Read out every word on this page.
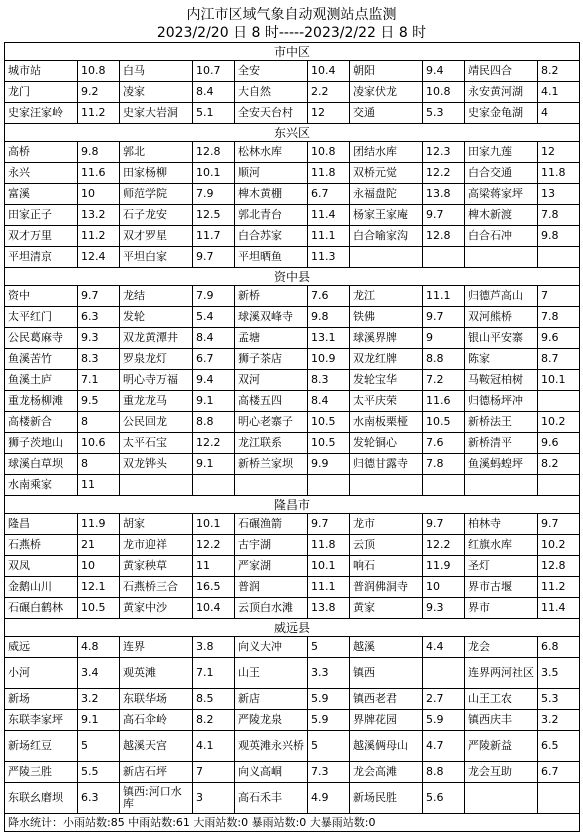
内江市区域气象自动观测站点监测
2023/2/20 日 8 时-----2023/2/22 日 8 时
市中区									
城市站	10.8	白马	10.7	全安	10.4	朝阳	9.4	靖民四合	8.2
龙门	9.2	凌家	8.4	大自然	2.2	凌家伏龙	10.8	永安黄河湖	4.1
史家汪家岭	11.2	史家大岩洞	5.1	全安天台村	12	交通	5.3	史家金龟湖	4
东兴区									
高桥	9.8	郭北	12.8	松林水库	10.8	团结水库	12.3	田家九莲	12
永兴	11.6	田家杨柳	10.1	顺河	11.8	双桥元觉	12.2	白合交通	11.8
富溪	10	师范学院	7.9	椑木黄棚	6.7	永福盘陀	13.8	高梁蒋家坪	13
田家正子	13.2	石子龙安	12.5	郭北青台	11.4	杨家王家庵	9.7	椑木新渡	7.8
双才万里	11.2	双才罗星	11.7	白合苏家	11.1	白合喻家沟	12.8	白合石冲	9.8
平坦清京	12.4	平坦白家	9.7	平坦晒鱼	11.3				
资中县									
资中	9.7	龙结	7.9	新桥	7.6	龙江	11.1	归德芦高山	7
太平红门	6.3	发轮	5.4	球溪双峰寺	9.8	铁佛	9.7	双河熊桥	7.8
公民葛麻寺	9.3	双龙黄潭井	8.4	孟塘	13.1	球溪界牌	9	银山平安寨	9.6
鱼溪苦竹	8.3	罗泉龙灯	6.7	狮子茶店	10.9	双龙红牌	8.8	陈家	8.7
鱼溪土庐	7.1	明心寺万福	9.4	双河	8.3	发轮宝华	7.2	马鞍冠柏树	10.1
重龙杨柳滩	9.5	重龙龙马	9.1	高楼五四	8.4	太平庆荣	11.6	归德杨坪冲	
高楼新合	8	公民回龙	8.8	明心老寨子	10.5	水南板栗桠	10.5	新桥法王	10.2
狮子茨地山	10.6	太平石宝	12.2	龙江联系	10.5	发轮铜心	7.6	新桥清平	9.6
球溪白草坝	8	双龙铧头	9.1	新桥兰家坝	9.9	归德甘露寺	7.8	鱼溪蚂蝗坪	8.2
水南乘家	11								
隆昌市									
隆昌	11.9	胡家	10.1	石碾渔箭	9.7	龙市	9.7	柏林寺	9.7
石燕桥	21	龙市迎祥	12.2	古宇湖	11.8	云顶	12.2	红旗水库	10.2
双凤	10	黄家秧草	11	严家湖	10.1	响石	11.9	圣灯	12.8
金鹅山川	12.1	石燕桥三合	16.5	普润	11.1	普润佛洞寺	10	界市古堰	11.2
石碾白鹤林	10.5	黄家中沙	10.4	云顶白水滩	13.8	黄家	9.3	界市	11.4
威远县									
威远	4.8	连界	3.8	向义大冲	5	越溪	4.4	龙会	6.8
小河	3.4	观英滩	7.1	山王	3.3	镇西		连界两河社区	3.5
新场	3.2	东联华场	8.5	新店	5.9	镇西老君	2.7	山王工农	5.3
东联李家坪	9.1	高石伞岭	8.2	严陵龙泉	5.9	界牌花园	5.9	镇西庆丰	3.2
新场红豆	5	越溪天宫	4.1	观英滩永兴桥	5	越溪俩母山	4.7	严陵新益	6.5
严陵三胜	5.5	新店石坪	7	向义高峒	7.3	龙会高滩	8.8	龙会互助	6.7
东联幺磨坝	6.3	镇西:河口水库	3	高石禾丰	4.9	新场民胜	5.6		
降水统计：小雨站数:85 中雨站数:61 大雨站数:0 暴雨站数:0 大暴雨站数:0									
